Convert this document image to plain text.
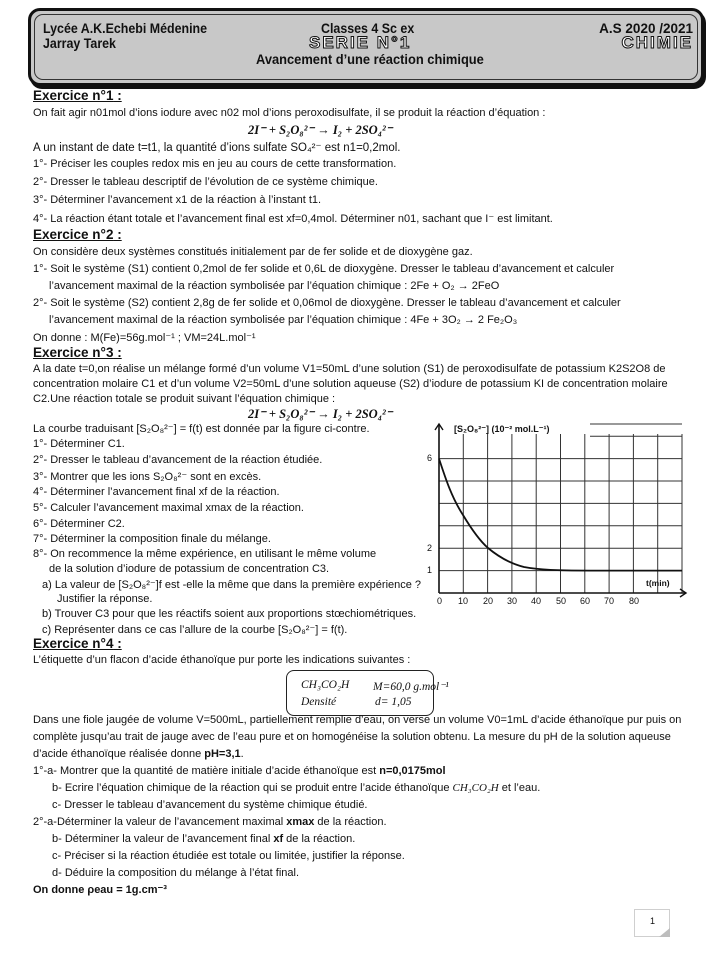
Lycée A.K.Echebi Médenine
Jarray Tarek
Classes 4 Sc ex
SERIE N°1
Avancement d’une réaction chimique
A.S 2020 /2021
CHIMIE
Exercice n°1 :
On fait agir n01mol d’ions iodure avec n02 mol d’ions peroxodisulfate, il se produit la réaction d’équation :
2I⁻ + S₂O₈²⁻ → I₂ + 2SO₄²⁻
A un instant de date t=t1, la quantité d’ions sulfate SO₄²⁻ est n1=0,2mol.
1°- Préciser les couples redox mis en jeu au cours de cette transformation.
2°- Dresser le tableau descriptif de l’évolution de ce système chimique.
3°- Déterminer l’avancement x1 de la réaction à l’instant t1.
4°- La réaction étant totale et l’avancement final est xf=0,4mol. Déterminer n01, sachant que I⁻ est limitant.
Exercice n°2 :
On considère deux systèmes constitués initialement par de fer solide et de dioxygène gaz.
1°- Soit le système (S1) contient 0,2mol de fer solide et 0,6L de dioxygène. Dresser le tableau d’avancement et calculer
l’avancement maximal de la réaction symbolisée par l’équation chimique : 2Fe + O₂ → 2FeO
2°- Soit le système (S2) contient 2,8g de fer solide et 0,06mol de dioxygène. Dresser le tableau d’avancement et calculer
l’avancement maximal de la réaction symbolisée par l’équation chimique : 4Fe + 3O₂ → 2 Fe₂O₃
On donne : M(Fe)=56g.mol⁻¹ ; VM=24L.mol⁻¹
Exercice n°3 :
A la date t=0,on réalise un mélange formé d’un volume V1=50mL d’une solution (S1) de peroxodisulfate de potassium K2S2O8 de
concentration molaire C1 et d’un volume V2=50mL d’une solution aqueuse (S2) d’iodure de potassium KI de concentration molaire
C2.Une réaction totale se produit suivant l’équation chimique :
2I⁻ + S₂O₈²⁻ → I₂ + 2SO₄²⁻
La courbe traduisant [S₂O₈²⁻] = f(t) est donnée par la figure ci-contre.
1°- Déterminer C1.
2°- Dresser le tableau d’avancement de la réaction étudiée.
3°- Montrer que les ions S₂O₈²⁻ sont en excès.
4°- Déterminer l’avancement final xf de la réaction.
5°- Calculer l’avancement maximal xmax de la réaction.
6°- Déterminer C2.
7°- Déterminer la composition finale du mélange.
8°- On recommence la même expérience, en utilisant le même volume
de la solution d’iodure de potassium de concentration C3.
a) La valeur de [S₂O₈²⁻]f est -elle la même que dans la première expérience ?
Justifier la réponse.
b) Trouver C3 pour que les réactifs soient aux proportions stœchiométriques.
c) Représenter dans ce cas l’allure de la courbe [S₂O₈²⁻] = f(t).
[S₂O₈²⁻] (10⁻² mol.L⁻¹)
6
2
1
t(min)
0 10 20 30 40 50 60 70 80
Exercice n°4 :
L’étiquette d’un flacon d’acide éthanoïque pur porte les indications suivantes :
CH₃CO₂H M=60,0 g.mol⁻¹
Densité	d= 1,05
Dans une fiole jaugée de volume V=500mL, partiellement remplie d’eau, on verse un volume V0=1mL d’acide éthanoïque pur puis on
complète jusqu’au trait de jauge avec de l’eau pure et on homogénéise la solution obtenu. La mesure du pH de la solution aqueuse
d’acide éthanoïque réalisée donne pH=3,1.
1°-a- Montrer que la quantité de matière initiale d’acide éthanoïque est n=0,0175mol
b- Ecrire l’équation chimique de la réaction qui se produit entre l’acide éthanoïque CH₃CO₂H et l’eau.
c- Dresser le tableau d’avancement du système chimique étudié.
2°-a-Déterminer la valeur de l’avancement maximal xmax de la réaction.
b- Déterminer la valeur de l’avancement final xf de la réaction.
c- Préciser si la réaction étudiée est totale ou limitée, justifier la réponse.
d- Déduire la composition du mélange à l’état final.
On donne ρeau = 1g.cm⁻³
1
